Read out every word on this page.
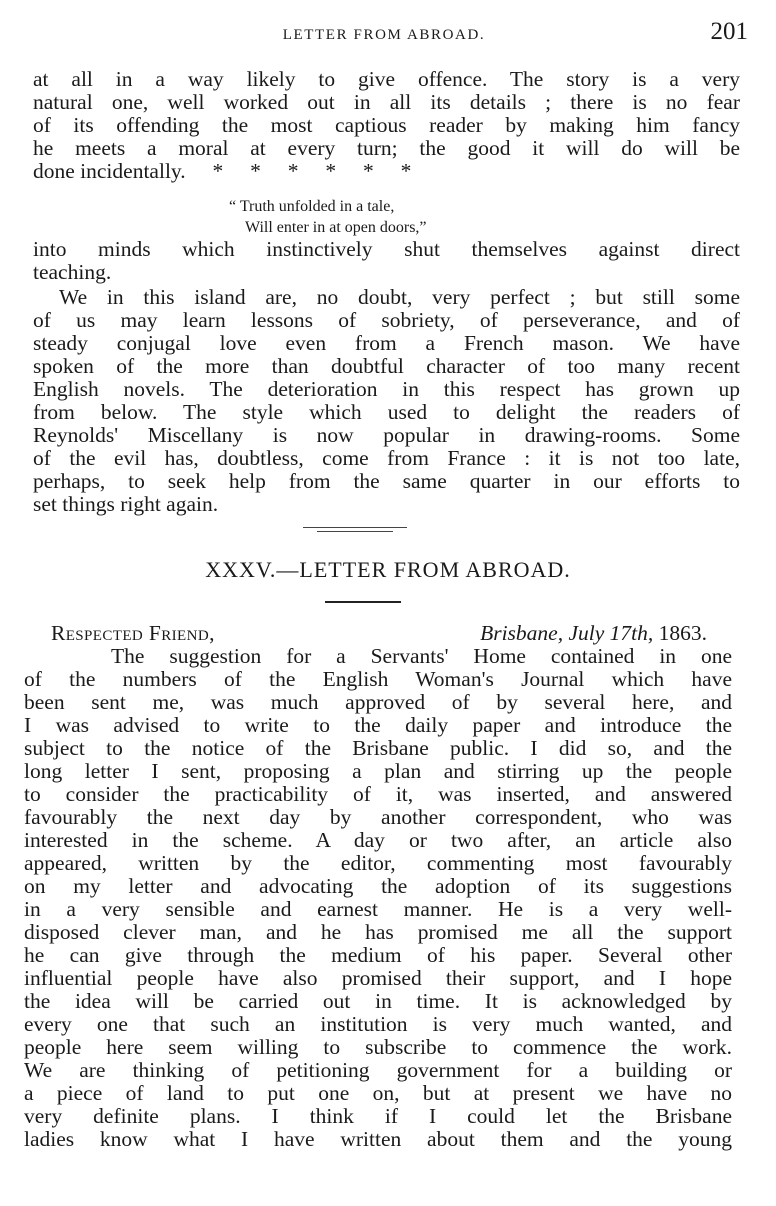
LETTER FROM ABROAD.	201
at all in a way likely to give offence. The story is a very
natural one, well worked out in all its details ; there is no fear
of its offending the most captious reader by making him fancy
he meets a moral at every turn; the good it will do will be
done incidentally.     *     *     *     *     *     *
“ Truth unfolded in a tale,
Will enter in at open doors,”
into minds which instinctively shut themselves against direct
teaching.
We in this island are, no doubt, very perfect ; but still some
of us may learn lessons of sobriety, of perseverance, and of
steady conjugal love even from a French mason. We have
spoken of the more than doubtful character of too many recent
English novels. The deterioration in this respect has grown up
from below. The style which used to delight the readers of
Reynolds' Miscellany is now popular in drawing-rooms. Some
of the evil has, doubtless, come from France : it is not too late,
perhaps, to seek help from the same quarter in our efforts to
set things right again.
XXXV.—LETTER FROM ABROAD.
Respected Friend,	Brisbane, July 17th, 1863.
The suggestion for a Servants' Home contained in one
of the numbers of the English Woman's Journal which have
been sent me, was much approved of by several here, and
I was advised to write to the daily paper and introduce the
subject to the notice of the Brisbane public. I did so, and the
long letter I sent, proposing a plan and stirring up the people
to consider the practicability of it, was inserted, and answered
favourably the next day by another correspondent, who was
interested in the scheme. A day or two after, an article also
appeared, written by the editor, commenting most favourably
on my letter and advocating the adoption of its suggestions
in a very sensible and earnest manner. He is a very well-
disposed clever man, and he has promised me all the support
he can give through the medium of his paper. Several other
influential people have also promised their support, and I hope
the idea will be carried out in time. It is acknowledged by
every one that such an institution is very much wanted, and
people here seem willing to subscribe to commence the work.
We are thinking of petitioning government for a building or
a piece of land to put one on, but at present we have no
very definite plans. I think if I could let the Brisbane
ladies know what I have written about them and the young
